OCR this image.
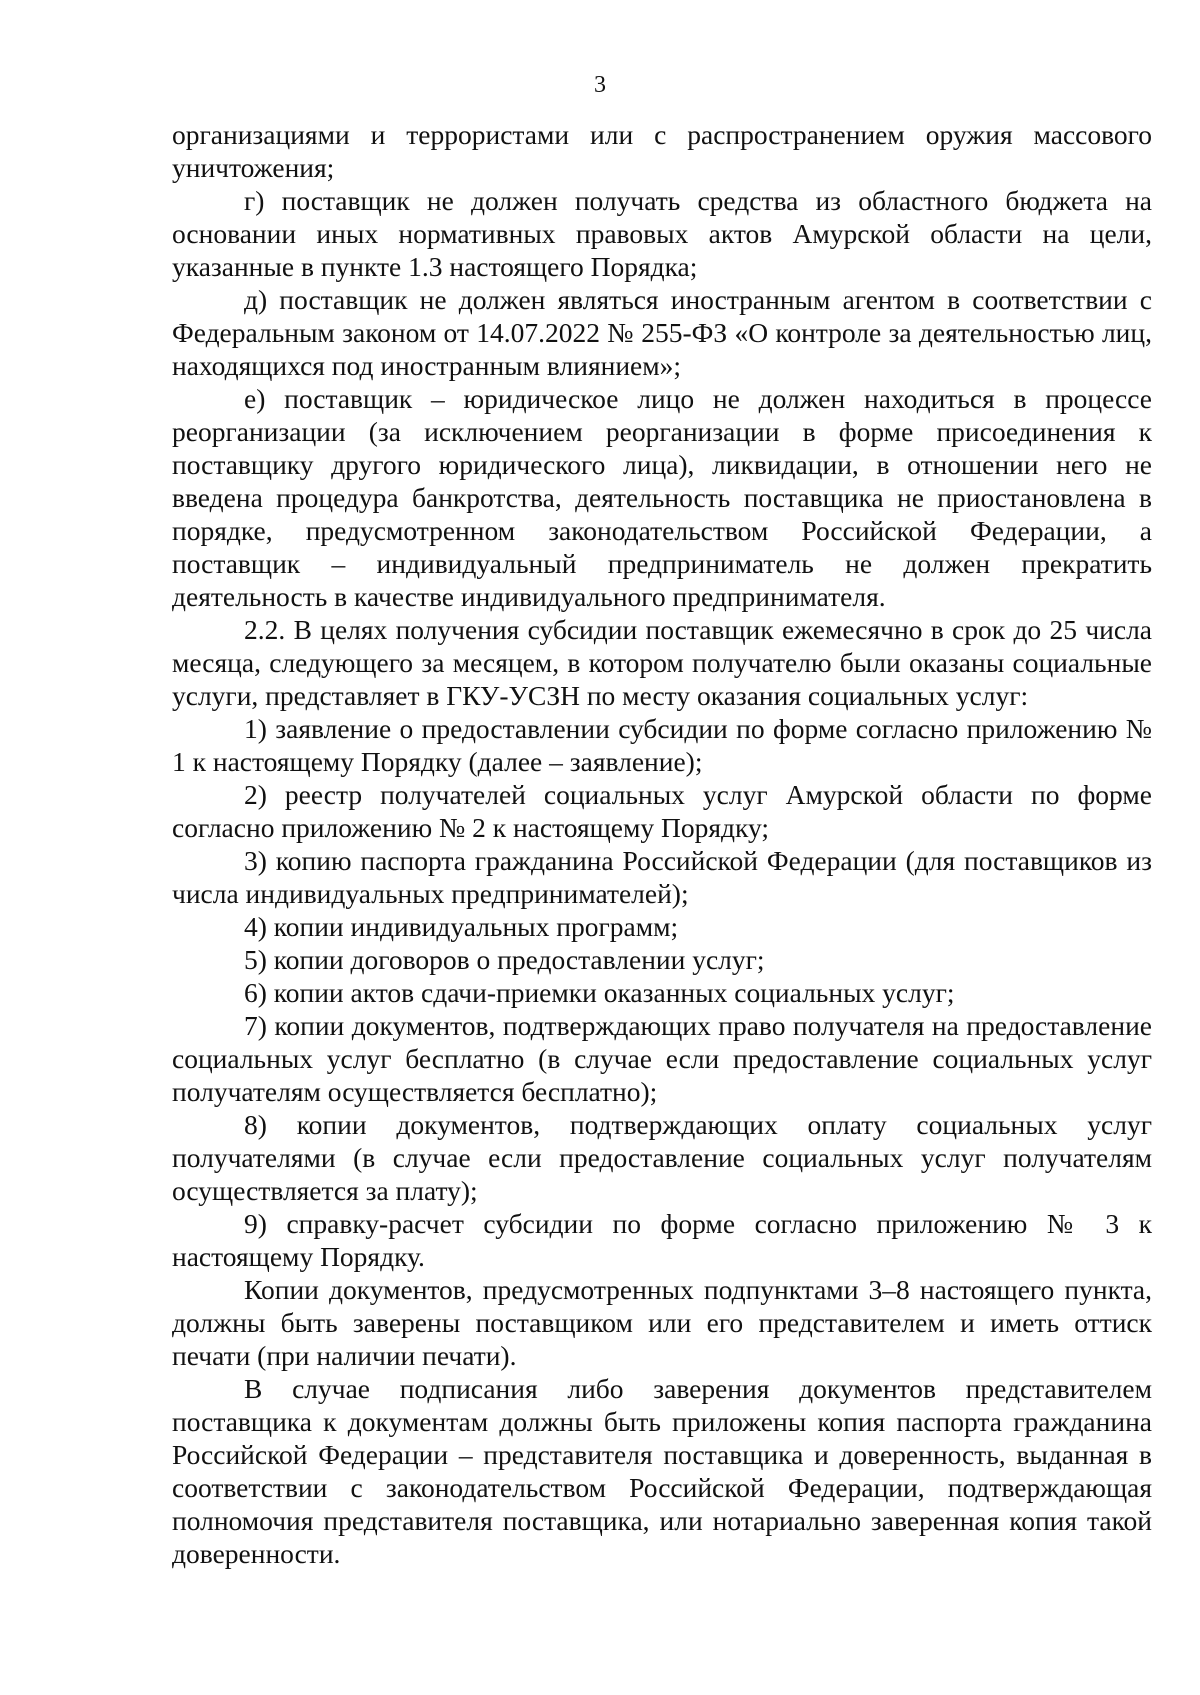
3

организациями и террористами или с распространением оружия массового уничтожения;

г) поставщик не должен получать средства из областного бюджета на основании иных нормативных правовых актов Амурской области на цели, указанные в пункте 1.3 настоящего Порядка;

д) поставщик не должен являться иностранным агентом в соответствии с Федеральным законом от 14.07.2022 № 255-ФЗ «О контроле за деятельностью лиц, находящихся под иностранным влиянием»;

е) поставщик – юридическое лицо не должен находиться в процессе реорганизации (за исключением реорганизации в форме присоединения к поставщику другого юридического лица), ликвидации, в отношении него не введена процедура банкротства, деятельность поставщика не приостановлена в порядке, предусмотренном законодательством Российской Федерации, а поставщик – индивидуальный предприниматель не должен прекратить деятельность в качестве индивидуального предпринимателя.

2.2. В целях получения субсидии поставщик ежемесячно в срок до 25 числа месяца, следующего за месяцем, в котором получателю были оказаны социальные услуги, представляет в ГКУ-УСЗН по месту оказания социальных услуг:

1) заявление о предоставлении субсидии по форме согласно приложению № 1 к настоящему Порядку (далее – заявление);

2) реестр получателей социальных услуг Амурской области по форме согласно приложению № 2 к настоящему Порядку;

3) копию паспорта гражданина Российской Федерации (для поставщиков из числа индивидуальных предпринимателей);

4) копии индивидуальных программ;

5) копии договоров о предоставлении услуг;

6) копии актов сдачи-приемки оказанных социальных услуг;

7) копии документов, подтверждающих право получателя на предоставление социальных услуг бесплатно (в случае если предоставление социальных услуг получателям осуществляется бесплатно);

8) копии документов, подтверждающих оплату социальных услуг получателями (в случае если предоставление социальных услуг получателям осуществляется за плату);

9) справку-расчет субсидии по форме согласно приложению № 3 к настоящему Порядку.

Копии документов, предусмотренных подпунктами 3–8 настоящего пункта, должны быть заверены поставщиком или его представителем и иметь оттиск печати (при наличии печати).

В случае подписания либо заверения документов представителем поставщика к документам должны быть приложены копия паспорта гражданина Российской Федерации – представителя поставщика и доверенность, выданная в соответствии с законодательством Российской Федерации, подтверждающая полномочия представителя поставщика, или нотариально заверенная копия такой доверенности.
